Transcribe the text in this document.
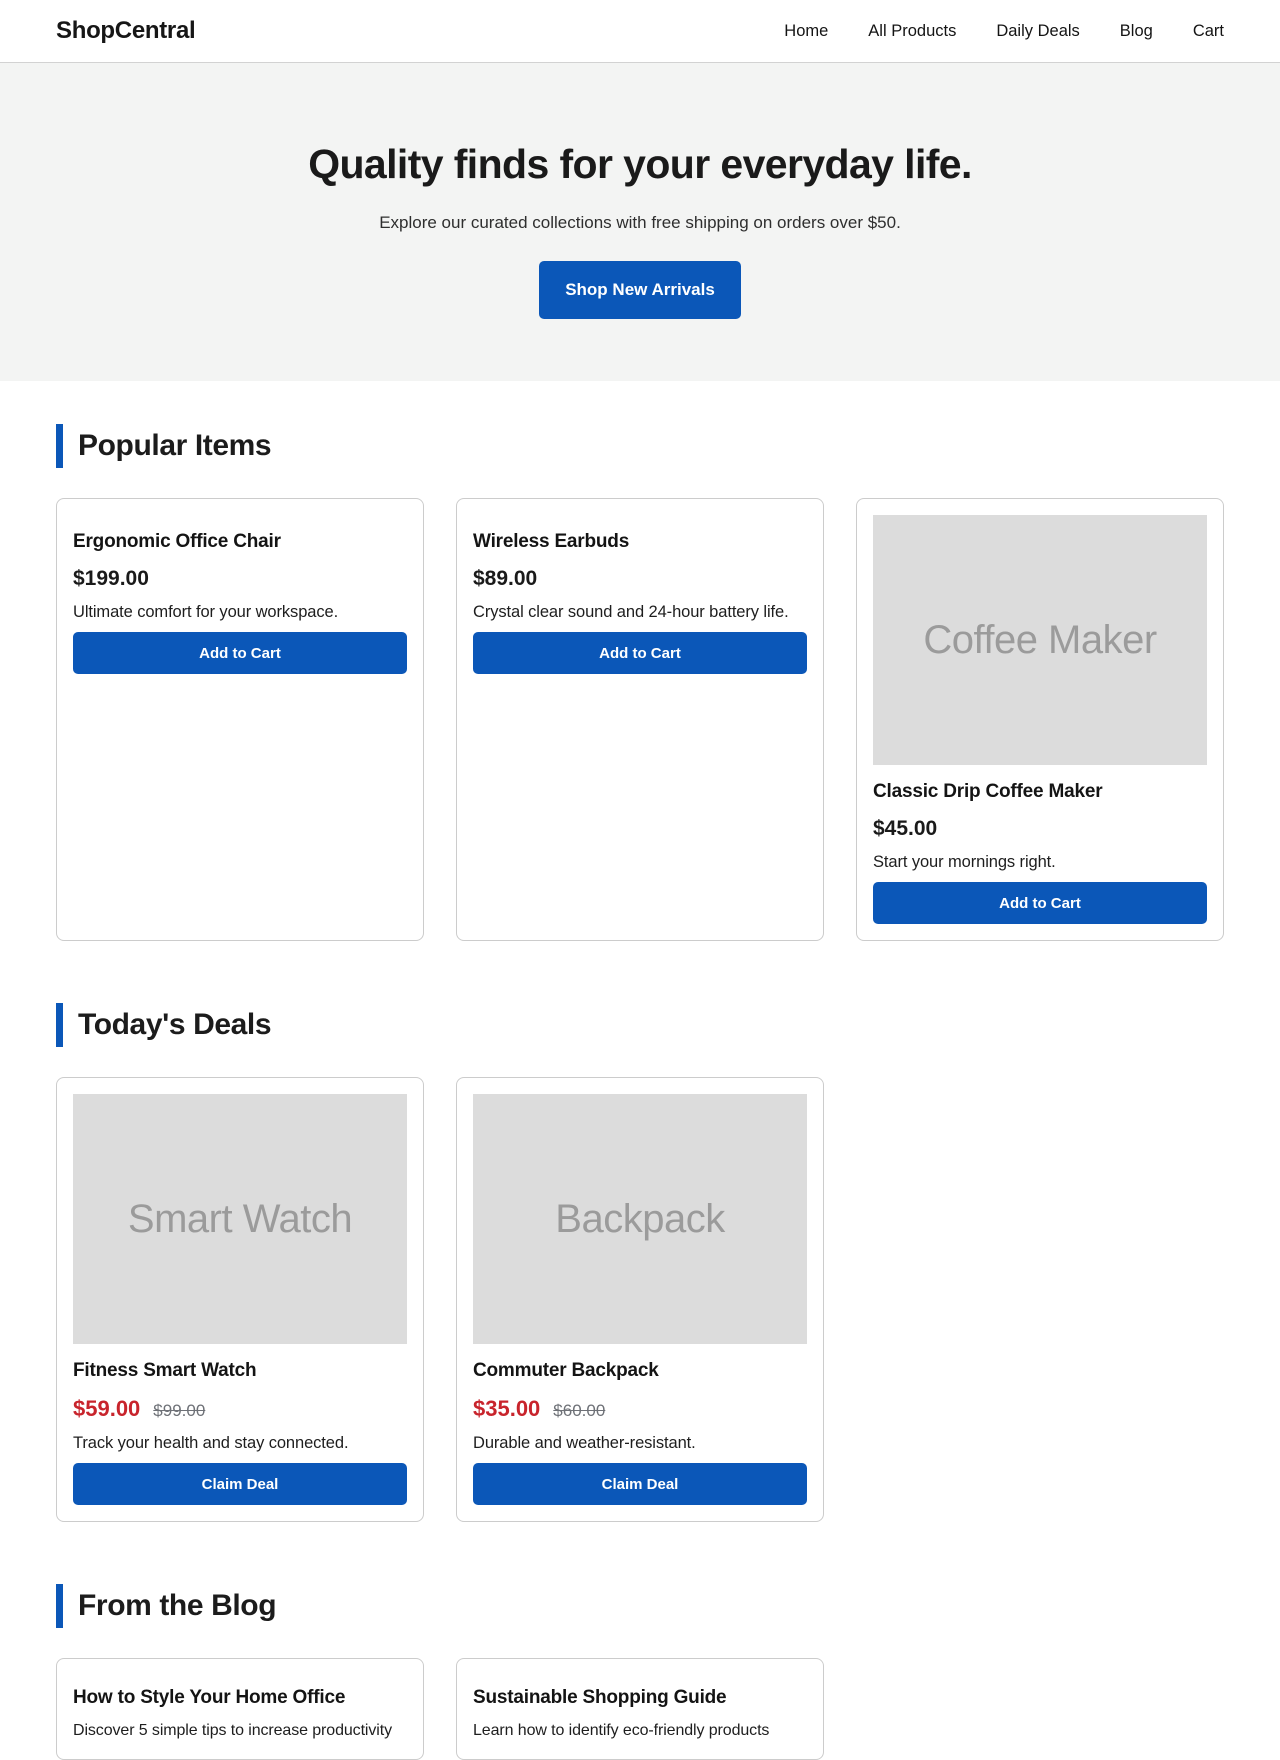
ShopCentral	Home All Products Daily Deals Blog Cart
Quality finds for your everyday life.

Explore our curated collections with free shipping on orders over $50.

Shop New Arrivals
Popular Items
Ergonomic Office Chair
$199.00
Ultimate comfort for your workspace.
Add to Cart
Wireless Earbuds
$89.00
Crystal clear sound and 24-hour battery life.
Add to Cart	Coffee Maker
Classic Drip Coffee Maker
$45.00
Start your mornings right.
Add to Cart
Today's Deals
Smart Watch
Fitness Smart Watch
$59.00 $99.00
Track your health and stay connected.
Claim Deal
Backpack
Commuter Backpack
$35.00 $60.00
Durable and weather-resistant.
Claim Deal
From the Blog
How to Style Your Home Office
Discover 5 simple tips to increase productivity
Sustainable Shopping Guide
Learn how to identify eco-friendly products
